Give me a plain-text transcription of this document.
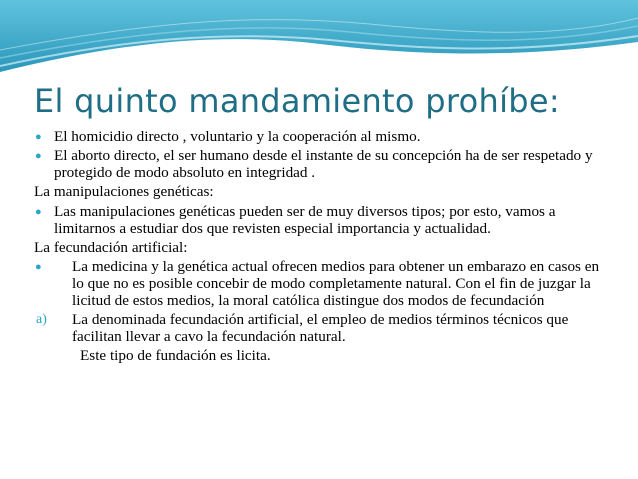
El quinto mandamiento prohíbe:
● El homicidio directo , voluntario y la cooperación al mismo.
● El aborto directo, el ser humano desde el instante de su concepción ha de ser respetado y protegido de modo absoluto en integridad .
La manipulaciones genéticas:
● Las manipulaciones genéticas pueden ser de muy diversos tipos; por esto, vamos a limitarnos a estudiar dos que revisten especial importancia y actualidad.
La fecundación artificial:
● La medicina y la genética actual ofrecen medios para obtener un embarazo en casos en lo que no es posible concebir de modo completamente natural. Con el fin de juzgar la licitud de estos medios, la moral católica distingue dos modos de fecundación
a) La denominada fecundación artificial, el empleo de medios términos técnicos que facilitan llevar a cavo la fecundación natural.
Este tipo de fundación es licita.
